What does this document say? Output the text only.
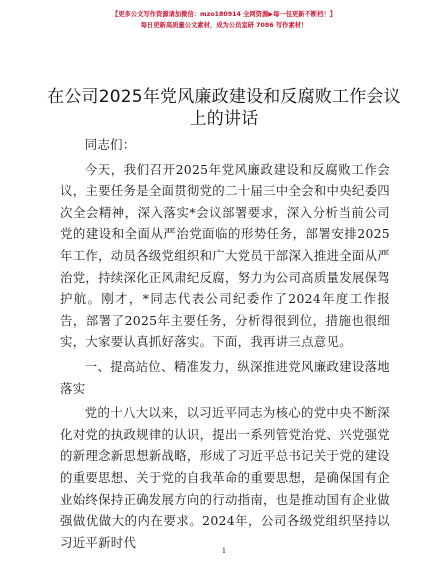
【更多公文写作资源请加微信：mzo180914 全网资源▶每一包更新不断档！】
每日更新高质量公文素材，成为公员室研 7086 写作素材！
在公司2025年党风廉政建设和反腐败工作会议上的讲话

同志们：

今天，我们召开2025年党风廉政建设和反腐败工作会议，主要任务是全面贯彻党的二十届三中全会和中央纪委四次全会精神，深入落实*会议部署要求，深入分析当前公司党的建设和全面从严治党面临的形势任务，部署安排2025年工作，动员各级党组织和广大党员干部深入推进全面从严治党，持续深化正风肃纪反腐，努力为公司高质量发展保驾护航。刚才，*同志代表公司纪委作了2024年度工作报告，部署了2025年主要任务，分析得很到位，措施也很细实，大家要认真抓好落实。下面，我再讲三点意见。

一、提高站位、精准发力，纵深推进党风廉政建设落地落实

党的十八大以来，以习近平同志为核心的党中央不断深化对党的执政规律的认识，提出一系列管党治党、兴党强党的新理念新思想新战略，形成了习近平总书记关于党的建设的重要思想、关于党的自我革命的重要思想，是确保国有企业始终保持正确发展方向的行动指南，也是推动国有企业做强做优做大的内在要求。2024年，公司各级党组织坚持以习近平新时代

1
